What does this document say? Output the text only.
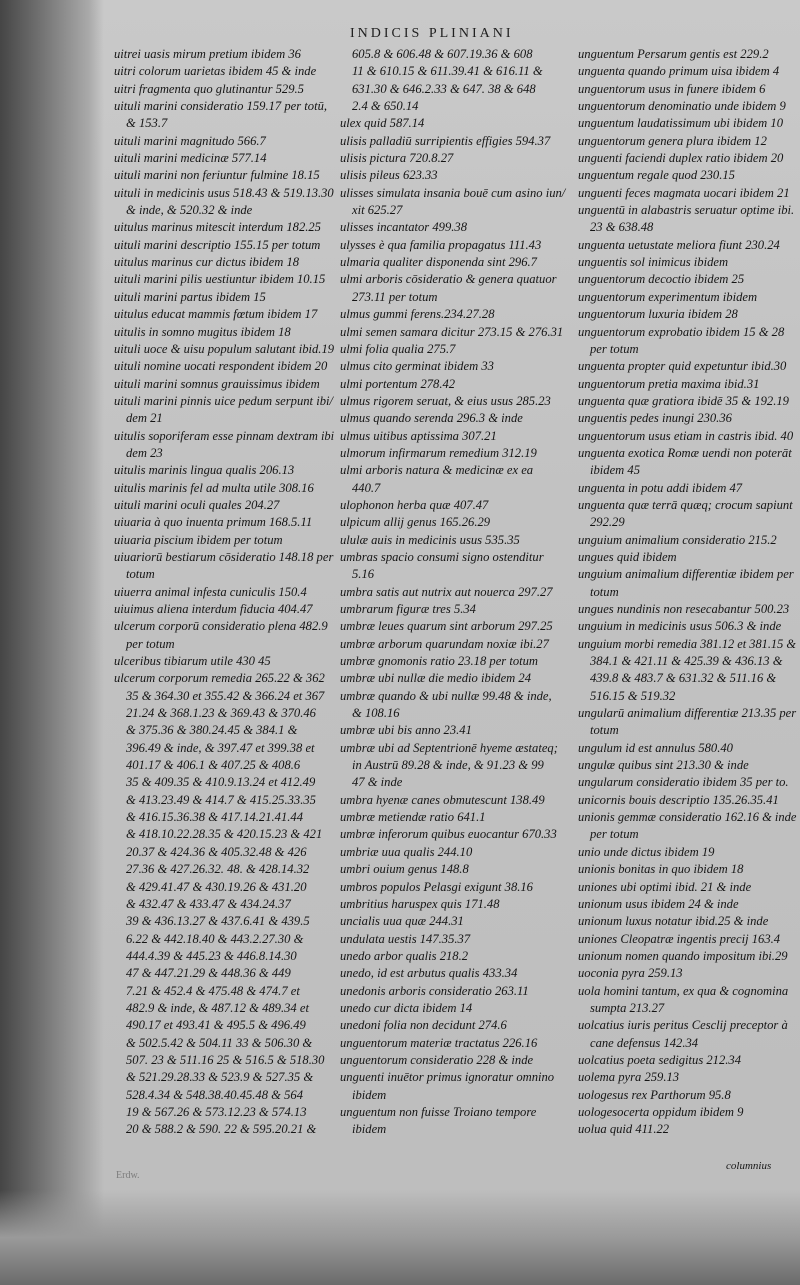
INDICIS PLINIANI
uitrei uasis mirum pretium ibidem 36
uitri colorum uarietas ibidem 45 & inde
uitri fragmenta quo glutinantur 529.5
uituli marini consideratio 159.17 per totū,
& 153.7
uituli marini magnitudo 566.7
uituli marini medicinæ 577.14
uituli marini non feriuntur fulmine 18.15
uituli in medicinis usus 518.43 & 519.13.30
& inde, & 520.32 & inde
uitulus marinus mitescit interdum 182.25
uituli marini descriptio 155.15 per totum
uitulus marinus cur dictus ibidem 18
uituli marini pilis uestiuntur ibidem 10.15
uituli marini partus ibidem 15
uitulus educat mammis fœtum ibidem 17
uitulis in somno mugitus ibidem 18
uituli uoce & uisu populum salutant ibid.19
uituli nomine uocati respondent ibidem 20
uituli marini somnus grauissimus ibidem
uituli marini pinnis uice pedum serpunt ibi/
dem 21
uitulis soporiferam esse pinnam dextram ibi
dem 23
uitulis marinis lingua qualis 206.13
uitulis marinis fel ad multa utile 308.16
uituli marini oculi quales 204.27
uiuaria à quo inuenta primum 168.5.11
uiuaria piscium ibidem per totum
uiuariorū bestiarum cōsideratio 148.18 per
totum
uiuerra animal infesta cuniculis 150.4
uiuimus aliena interdum fiducia 404.47
ulcerum corporū consideratio plena 482.9
per totum
ulceribus tibiarum utile 430 45
ulcerum corporum remedia 265.22 & 362
35 & 364.30 et 355.42 & 366.24 et 367
21.24 & 368.1.23 & 369.43 & 370.46
& 375.36 & 380.24.45 & 384.1 &
396.49 & inde, & 397.47 et 399.38 et
401.17 & 406.1 & 407.25 & 408.6
35 & 409.35 & 410.9.13.24 et 412.49
& 413.23.49 & 414.7 & 415.25.33.35
& 416.15.36.38 & 417.14.21.41.44
& 418.10.22.28.35 & 420.15.23 & 421
20.37 & 424.36 & 405.32.48 & 426
27.36 & 427.26.32. 48. & 428.14.32
& 429.41.47 & 430.19.26 & 431.20
& 432.47 & 433.47 & 434.24.37
39 & 436.13.27 & 437.6.41 & 439.5
6.22 & 442.18.40 & 443.2.27.30 &
444.4.39 & 445.23 & 446.8.14.30
47 & 447.21.29 & 448.36 & 449
7.21 & 452.4 & 475.48 & 474.7 et
482.9 & inde, & 487.12 & 489.34 et
490.17 et 493.41 & 495.5 & 496.49
& 502.5.42 & 504.11 33 & 506.30 &
507. 23 & 511.16 25 & 516.5 & 518.30
& 521.29.28.33 & 523.9 & 527.35 &
528.4.34 & 548.38.40.45.48 & 564
19 & 567.26 & 573.12.23 & 574.13
20 & 588.2 & 590. 22 & 595.20.21 &
605.8 & 606.48 & 607.19.36 & 608
11 & 610.15 & 611.39.41 & 616.11 &
631.30 & 646.2.33 & 647. 38 & 648
2.4 & 650.14
ulex quid 587.14
ulisis palladiū surripientis effigies 594.37
ulisis pictura 720.8.27
ulisis pileus 623.33
ulisses simulata insania bouē cum asino iun/
xit 625.27
ulisses incantator 499.38
ulysses è qua familia propagatus 111.43
ulmaria qualiter disponenda sint 296.7
ulmi arboris cōsideratio & genera quatuor
273.11 per totum
ulmus gummi ferens.234.27.28
ulmi semen samara dicitur 273.15 & 276.31
ulmi folia qualia 275.7
ulmus cito germinat ibidem 33
ulmi portentum 278.42
ulmus rigorem seruat, & eius usus 285.23
ulmus quando serenda 296.3 & inde
ulmus uitibus aptissima 307.21
ulmorum infirmarum remedium 312.19
ulmi arboris natura & medicinæ ex ea
440.7
ulophonon herba quæ 407.47
ulpicum allij genus 165.26.29
ululæ auis in medicinis usus 535.35
umbras spacio consumi signo ostenditur
5.16
umbra satis aut nutrix aut nouerca 297.27
umbrarum figuræ tres 5.34
umbræ leues quarum sint arborum 297.25
umbræ arborum quarundam noxiæ ibi.27
umbræ gnomonis ratio 23.18 per totum
umbræ ubi nullæ die medio ibidem 24
umbræ quando & ubi nullæ 99.48 & inde,
& 108.16
umbræ ubi bis anno 23.41
umbræ ubi ad Septentrionē hyeme æstateq;
in Austrū 89.28 & inde, & 91.23 & 99
47 & inde
umbra hyenæ canes obmutescunt 138.49
umbræ metiendæ ratio 641.1
umbræ inferorum quibus euocantur 670.33
umbriæ uua qualis 244.10
umbri ouium genus 148.8
umbros populos Pelasgi exigunt 38.16
umbritius haruspex quis 171.48
uncialis uua quæ 244.31
undulata uestis 147.35.37
unedo arbor qualis 218.2
unedo, id est arbutus qualis 433.34
unedonis arboris consideratio 263.11
unedo cur dicta ibidem 14
unedoni folia non decidunt 274.6
unguentorum materiæ tractatus 226.16
unguentorum consideratio 228 & inde
unguenti inuētor primus ignoratur omnino
ibidem
unguentum non fuisse Troiano tempore
ibidem
unguentum Persarum gentis est 229.2
unguenta quando primum uisa ibidem 4
unguentorum usus in funere ibidem 6
unguentorum denominatio unde ibidem 9
unguentum laudatissimum ubi ibidem 10
unguentorum genera plura ibidem 12
unguenti faciendi duplex ratio ibidem 20
unguentum regale quod 230.15
unguenti feces magmata uocari ibidem 21
unguentū in alabastris seruatur optime ibi.
23 & 638.48
unguenta uetustate meliora fiunt 230.24
unguentis sol inimicus ibidem
unguentorum decoctio ibidem 25
unguentorum experimentum ibidem
unguentorum luxuria ibidem 28
unguentorum exprobatio ibidem 15 & 28
per totum
unguenta propter quid expetuntur ibid.30
unguentorum pretia maxima ibid.31
unguenta quæ gratiora ibidē 35 & 192.19
unguentis pedes inungi 230.36
unguentorum usus etiam in castris ibid. 40
unguenta exotica Romæ uendi non poterāt
ibidem 45
unguenta in potu addi ibidem 47
unguenta quæ terrā quæq; crocum sapiunt
292.29
unguium animalium consideratio 215.2
ungues quid ibidem
unguium animalium differentiæ ibidem per
totum
ungues nundinis non resecabantur 500.23
unguium in medicinis usus 506.3 & inde
unguium morbi remedia 381.12 et 381.15 &
384.1 & 421.11 & 425.39 & 436.13 &
439.8 & 483.7 & 631.32 & 511.16 &
516.15 & 519.32
ungularū animalium differentiæ 213.35 per
totum
ungulum id est annulus 580.40
ungulæ quibus sint 213.30 & inde
ungularum consideratio ibidem 35 per to.
unicornis bouis descriptio 135.26.35.41
unionis gemmæ consideratio 162.16 & inde
per totum
unio unde dictus ibidem 19
unionis bonitas in quo ibidem 18
uniones ubi optimi ibid. 21 & inde
unionum usus ibidem 24 & inde
unionum luxus notatur ibid.25 & inde
uniones Cleopatræ ingentis precij 163.4
unionum nomen quando impositum ibi.29
uoconia pyra 259.13
uola homini tantum, ex qua & cognomina
sumpta 213.27
uolcatius iuris peritus Cesclij preceptor à
cane defensus 142.34
uolcatius poeta sedigitus 212.34
uolema pyra 259.13
uologesus rex Parthorum 95.8
uologesocerta oppidum ibidem 9
uolua quid 411.22
Erdw.
columnius
